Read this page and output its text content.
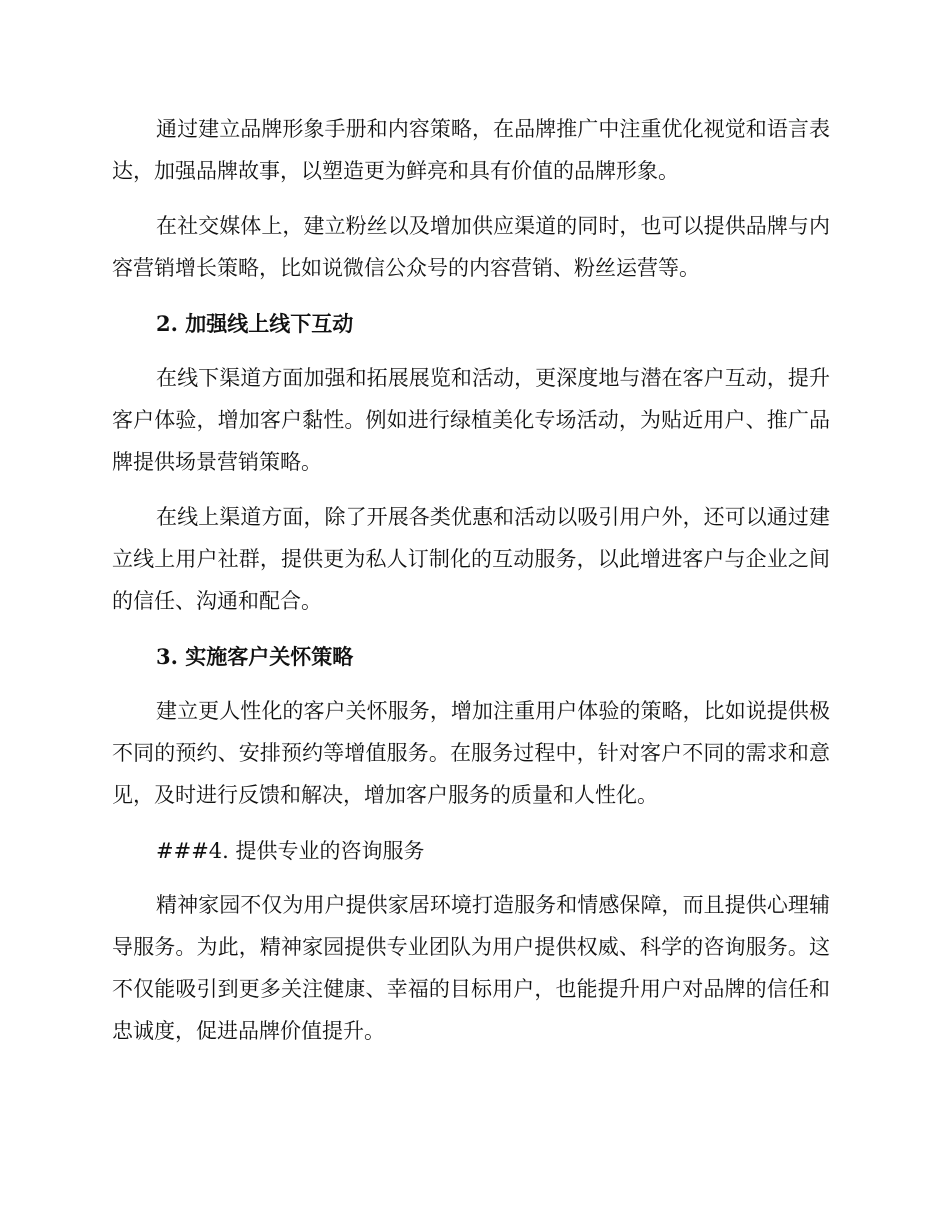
通过建立品牌形象手册和内容策略，在品牌推广中注重优化视觉和语言表达，加强品牌故事，以塑造更为鲜亮和具有价值的品牌形象。

在社交媒体上，建立粉丝以及增加供应渠道的同时，也可以提供品牌与内容营销增长策略，比如说微信公众号的内容营销、粉丝运营等。

2. 加强线上线下互动

在线下渠道方面加强和拓展展览和活动，更深度地与潜在客户互动，提升客户体验，增加客户黏性。例如进行绿植美化专场活动，为贴近用户、推广品牌提供场景营销策略。

在线上渠道方面，除了开展各类优惠和活动以吸引用户外，还可以通过建立线上用户社群，提供更为私人订制化的互动服务，以此增进客户与企业之间的信任、沟通和配合。

3. 实施客户关怀策略

建立更人性化的客户关怀服务，增加注重用户体验的策略，比如说提供极不同的预约、安排预约等增值服务。在服务过程中，针对客户不同的需求和意见，及时进行反馈和解决，增加客户服务的质量和人性化。

###4. 提供专业的咨询服务

精神家园不仅为用户提供家居环境打造服务和情感保障，而且提供心理辅导服务。为此，精神家园提供专业团队为用户提供权威、科学的咨询服务。这不仅能吸引到更多关注健康、幸福的目标用户，也能提升用户对品牌的信任和忠诚度，促进品牌价值提升。
